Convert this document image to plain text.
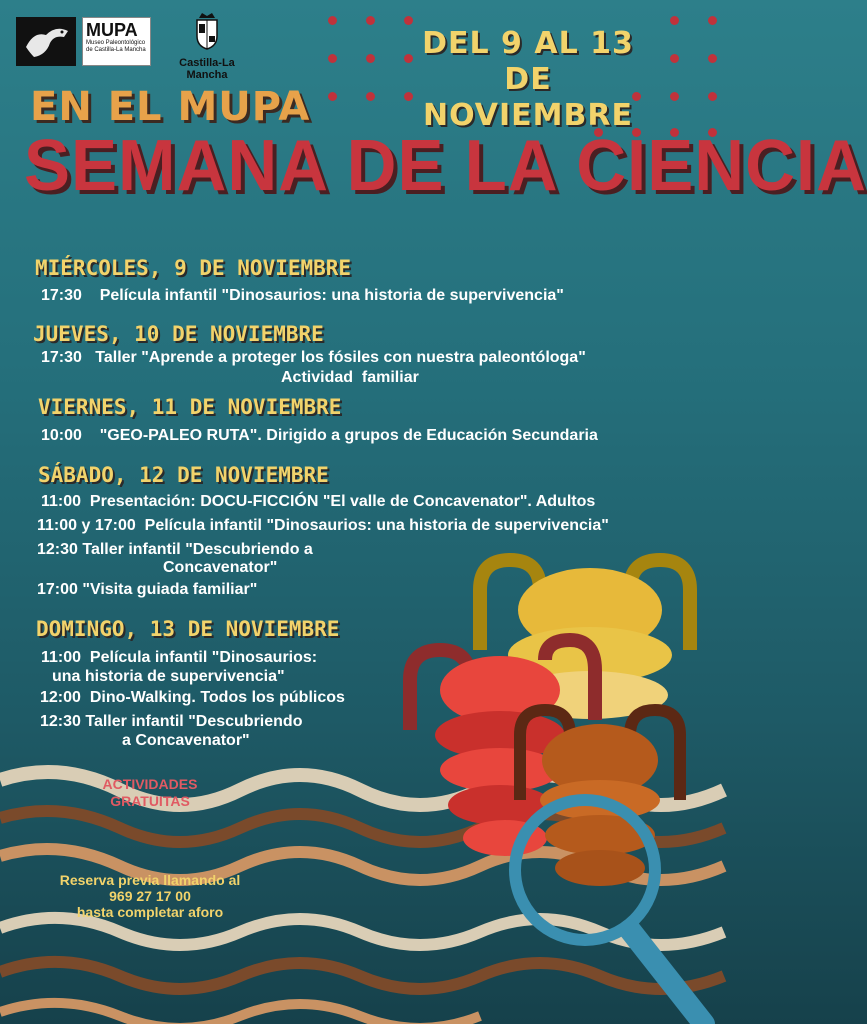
MUPA
Museo Paleontológico
de Castilla-La Mancha
Castilla-La Mancha
DEL 9 AL 13 DE
NOVIEMBRE
EN EL MUPA
SEMANA DE LA CIENCIA
MIÉRCOLES, 9 DE NOVIEMBRE
17:30    Película infantil "Dinosaurios: una historia de supervivencia"
JUEVES, 10 DE NOVIEMBRE
17:30   Taller "Aprende a proteger los fósiles con nuestra paleontóloga"
Actividad  familiar
VIERNES, 11 DE NOVIEMBRE
10:00    "GEO-PALEO RUTA". Dirigido a grupos de Educación Secundaria
SÁBADO, 12 DE NOVIEMBRE
11:00  Presentación: DOCU-FICCIÓN "El valle de Concavenator". Adultos
11:00 y 17:00  Película infantil "Dinosaurios: una historia de supervivencia"
12:30 Taller infantil "Descubriendo a
Concavenator"
17:00 "Visita guiada familiar"
DOMINGO, 13 DE NOVIEMBRE
11:00  Película infantil "Dinosaurios:
una historia de supervivencia"
12:00  Dino-Walking. Todos los públicos
12:30 Taller infantil "Descubriendo
a Concavenator"
ACTIVIDADES
GRATUITAS
Reserva previa llamando al
969 27 17 00
hasta completar aforo
